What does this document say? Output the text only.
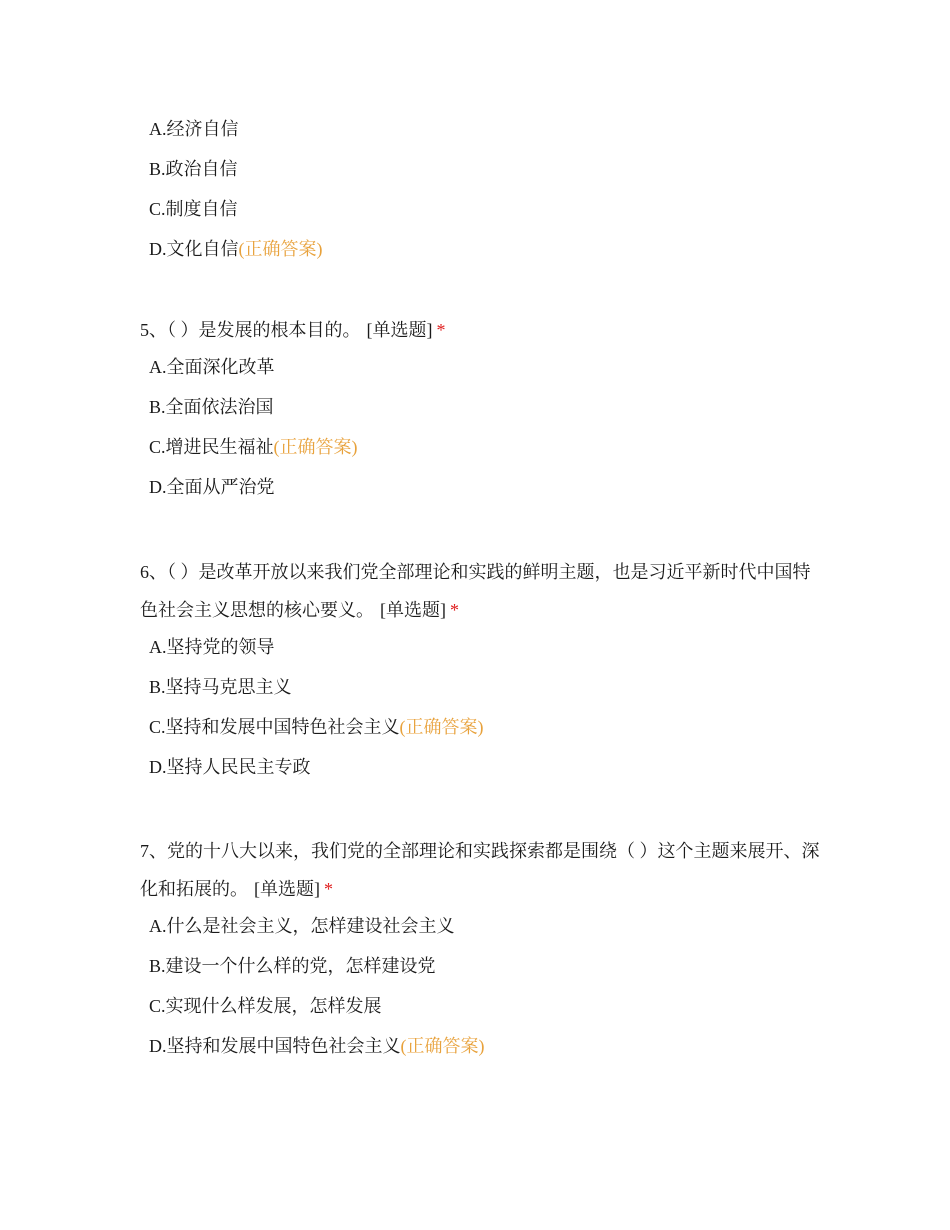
A.经济自信
B.政治自信
C.制度自信
D.文化自信(正确答案)
5、（ ）是发展的根本目的。 [单选题] *
A.全面深化改革
B.全面依法治国
C.增进民生福祉(正确答案)
D.全面从严治党
6、（ ）是改革开放以来我们党全部理论和实践的鲜明主题，也是习近平新时代中国特色社会主义思想的核心要义。 [单选题] *
A.坚持党的领导
B.坚持马克思主义
C.坚持和发展中国特色社会主义(正确答案)
D.坚持人民民主专政
7、党的十八大以来，我们党的全部理论和实践探索都是围绕（ ）这个主题来展开、深化和拓展的。 [单选题] *
A.什么是社会主义，怎样建设社会主义
B.建设一个什么样的党，怎样建设党
C.实现什么样发展，怎样发展
D.坚持和发展中国特色社会主义(正确答案)
